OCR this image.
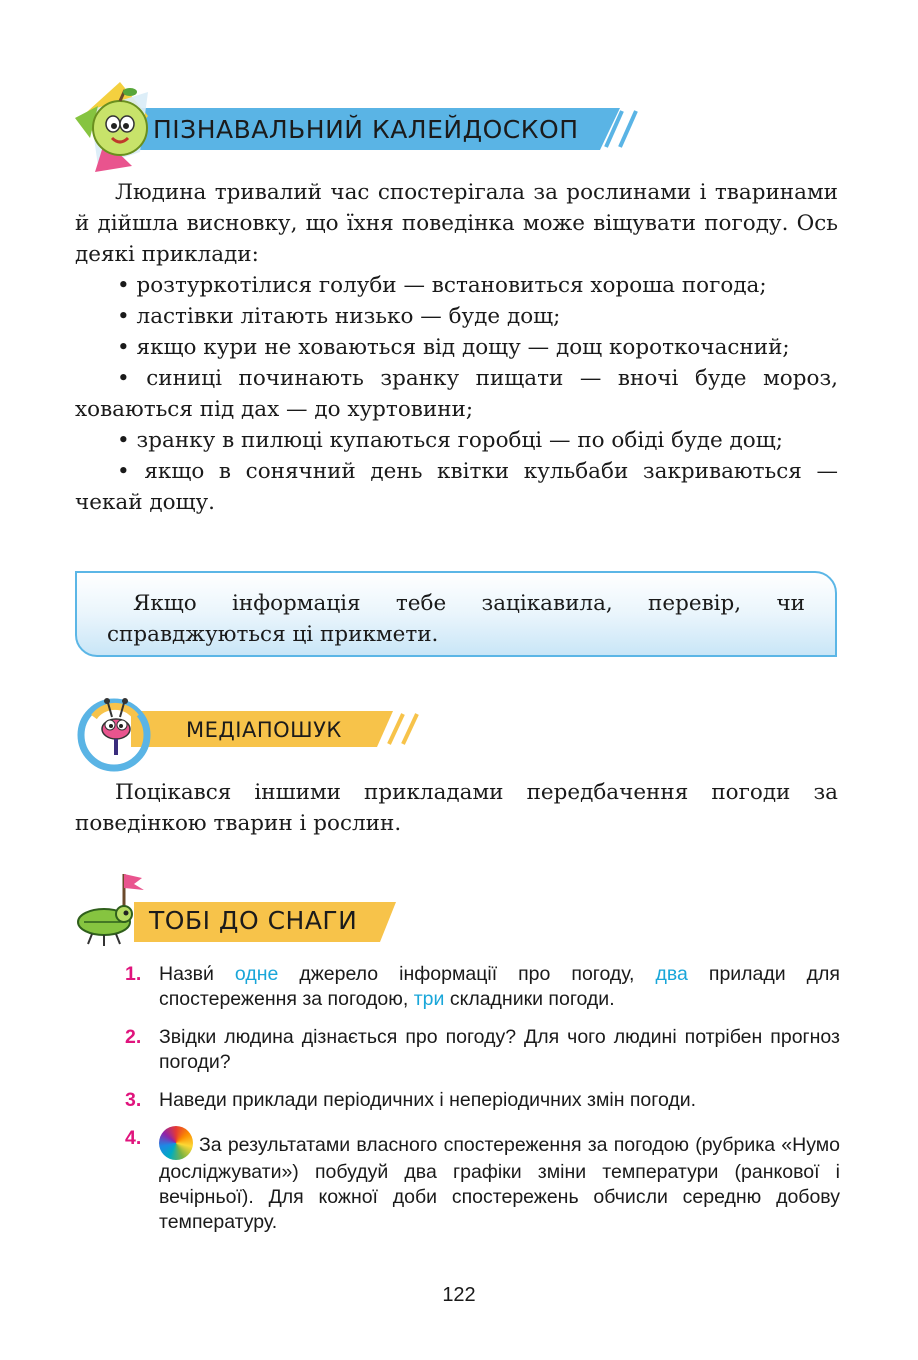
ПІЗНАВАЛЬНИЙ КАЛЕЙДОСКОП

Людина тривалий час спостерігала за рослинами і тваринами й дійшла висновку, що їхня поведінка може віщувати погоду. Ось деякі приклади:

• розтуркотілися голуби — встановиться хороша погода;

• ластівки літають низько — буде дощ;

• якщо кури не ховаються від дощу — дощ короткочасний;

• синиці починають зранку пищати — вночі буде мороз, ховаються під дах — до хуртовини;

• зранку в пилюці купаються горобці — по обіді буде дощ;

• якщо в сонячний день квітки кульбаби закриваються — чекай дощу.

Якщо інформація тебе зацікавила, перевір, чи справджуються ці прикмети.

МЕДІАПОШУК

Поцікався іншими прикладами передбачення погоди за поведінкою тварин і рослин.

ТОБІ ДО СНАГИ
1. Назви́ одне джерело інформації про погоду, два прилади для спостереження за погодою, три складники погоди.
2. Звідки людина дізнається про погоду? Для чого людині потрібен прогноз погоди?
3. Наведи приклади періодичних і неперіодичних змін погоди.
4.	За результатами власного спостереження за погодою (рубрика «Нумо досліджувати») побудуй два графіки зміни температури (ранкової і вечірньої). Для кожної доби спостережень обчисли середню добову температуру.
122
